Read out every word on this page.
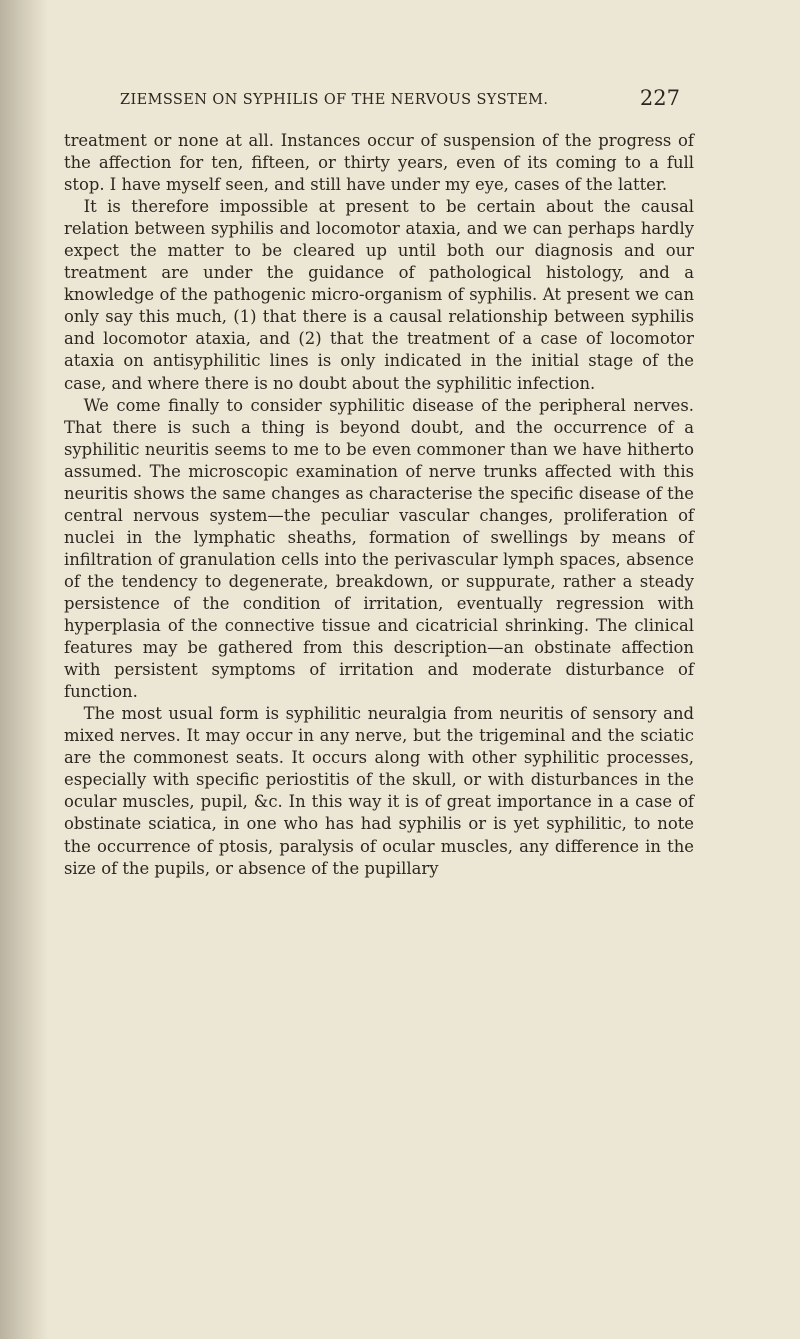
ZIEMSSEN ON SYPHILIS OF THE NERVOUS SYSTEM.	227

treatment or none at all. Instances occur of suspension of the progress of the affection for ten, fifteen, or thirty years, even of its coming to a full stop. I have myself seen, and still have under my eye, cases of the latter.

It is therefore impossible at present to be certain about the causal relation between syphilis and locomotor ataxia, and we can perhaps hardly expect the matter to be cleared up until both our diagnosis and our treatment are under the guidance of pathological histology, and a knowledge of the pathogenic micro-organism of syphilis. At present we can only say this much, (1) that there is a causal relationship between syphilis and locomotor ataxia, and (2) that the treatment of a case of locomotor ataxia on antisyphilitic lines is only indicated in the initial stage of the case, and where there is no doubt about the syphilitic infection.

We come finally to consider syphilitic disease of the peripheral nerves. That there is such a thing is beyond doubt, and the occurrence of a syphilitic neuritis seems to me to be even commoner than we have hitherto assumed. The microscopic examination of nerve trunks affected with this neuritis shows the same changes as characterise the specific disease of the central nervous system—the peculiar vascular changes, proliferation of nuclei in the lymphatic sheaths, formation of swellings by means of infiltration of granulation cells into the perivascular lymph spaces, absence of the tendency to degenerate, breakdown, or suppurate, rather a steady persistence of the condition of irritation, eventually regression with hyperplasia of the connective tissue and cicatricial shrinking. The clinical features may be gathered from this description—an obstinate affection with persistent symptoms of irritation and moderate disturbance of function.

The most usual form is syphilitic neuralgia from neuritis of sensory and mixed nerves. It may occur in any nerve, but the trigeminal and the sciatic are the commonest seats. It occurs along with other syphilitic processes, especially with specific periostitis of the skull, or with disturbances in the ocular muscles, pupil, &c. In this way it is of great importance in a case of obstinate sciatica, in one who has had syphilis or is yet syphilitic, to note the occurrence of ptosis, paralysis of ocular muscles, any difference in the size of the pupils, or absence of the pupillary
